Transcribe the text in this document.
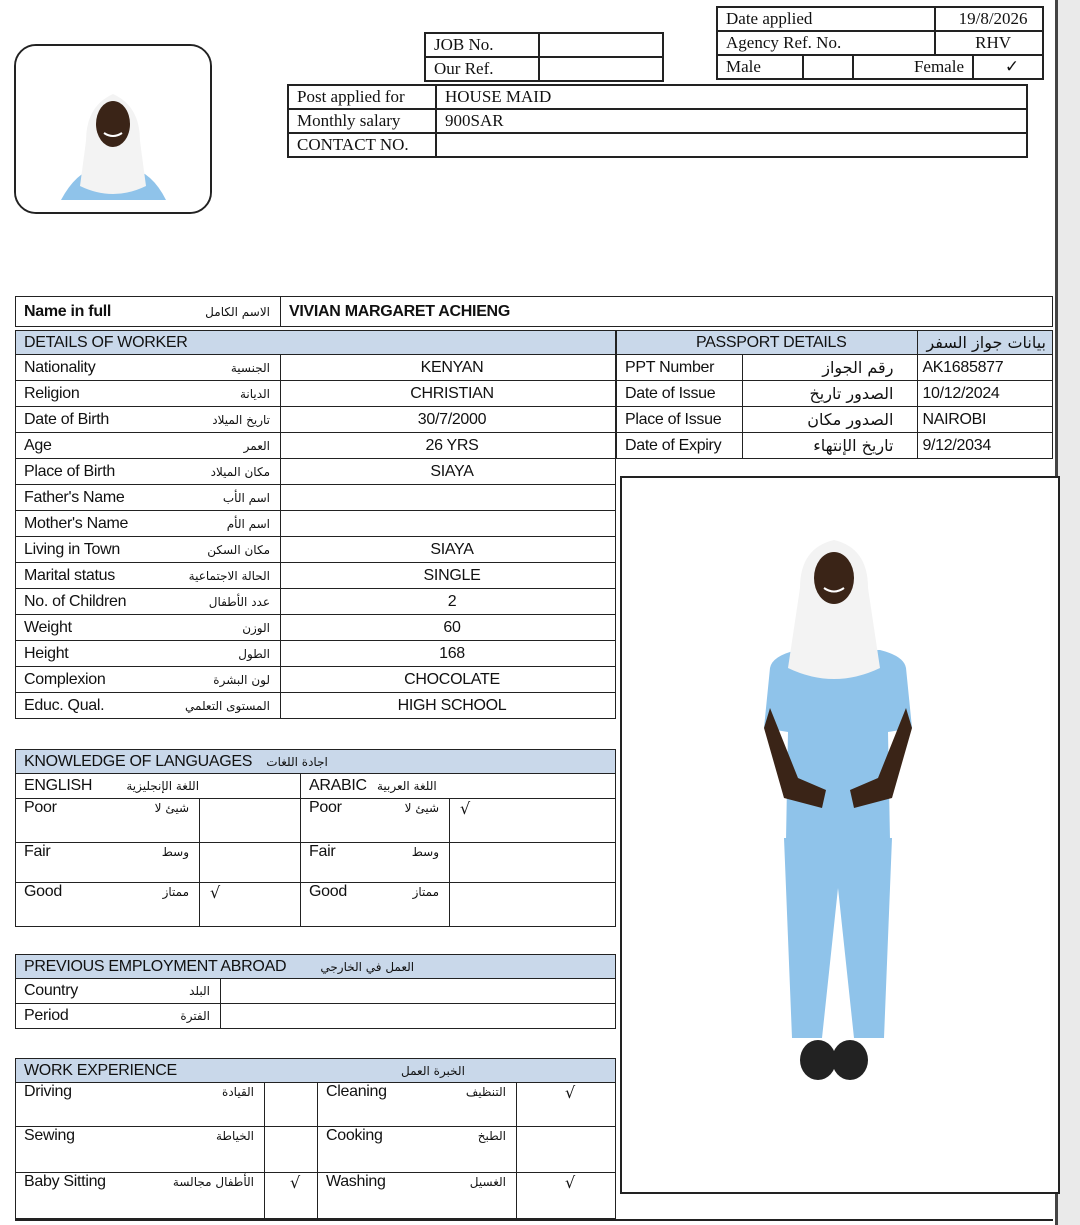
Date applied			19/8/2026	
Agency Ref. No.			RHV	
Male		Female		✓
JOB No.	
Our Ref.	
Post applied for	HOUSE MAID
Monthly salary	900SAR
CONTACT NO.	
Name in full	الاسم الكامل	VIVIAN MARGARET ACHIENG
DETAILS OF WORKER	

Nationality الجنسية	KENYAN

Religion الديانة	CHRISTIAN

Date of Birth تاريخ الميلاد	30/7/2000

Age العمر	26 YRS

Place of Birth مكان الميلاد	SIAYA

Father's Name اسم الأب	

Mother's Name اسم الأم	

Living in Town مكان السكن	SIAYA

Marital status الحالة الاجتماعية	SINGLE

No. of Children عدد الأطفال	2

Weight الوزن	60

Height الطول	168

Complexion لون البشرة	CHOCOLATE

Educ. Qual. المستوى التعلمي	HIGH SCHOOL
PASSPORT DETAILS		بيانات جواز السفر
PPT Number	رقم الجواز	AK1685877
Date of Issue	الصدور تاريخ	10/12/2024
Place of Issue	الصدور مكان	NAIROBI
Date of Expiry	تاريخ الإنتهاء	9/12/2034
KNOWLEDGE OF LANGUAGES اجادة اللغات			
ENGLISH اللغة الإنجليزية		ARABIC اللغة العربية	

Poor شيئ لا		Poor شيئ لا	√

Fair وسط		Fair وسط	

Good ممتاز	√	Good ممتاز	

PREVIOUS EMPLOYMENT ABROAD العمل في الخارجي	

Country البلد	

Period الفترة	

WORK EXPERIENCE الخبرة العمل			

Driving القيادة		Cleaning التنظيف	√

Sewing الخياطة		Cooking الطبخ	

Baby Sitting الأطفال مجالسة	√	Washing الغسيل	√
